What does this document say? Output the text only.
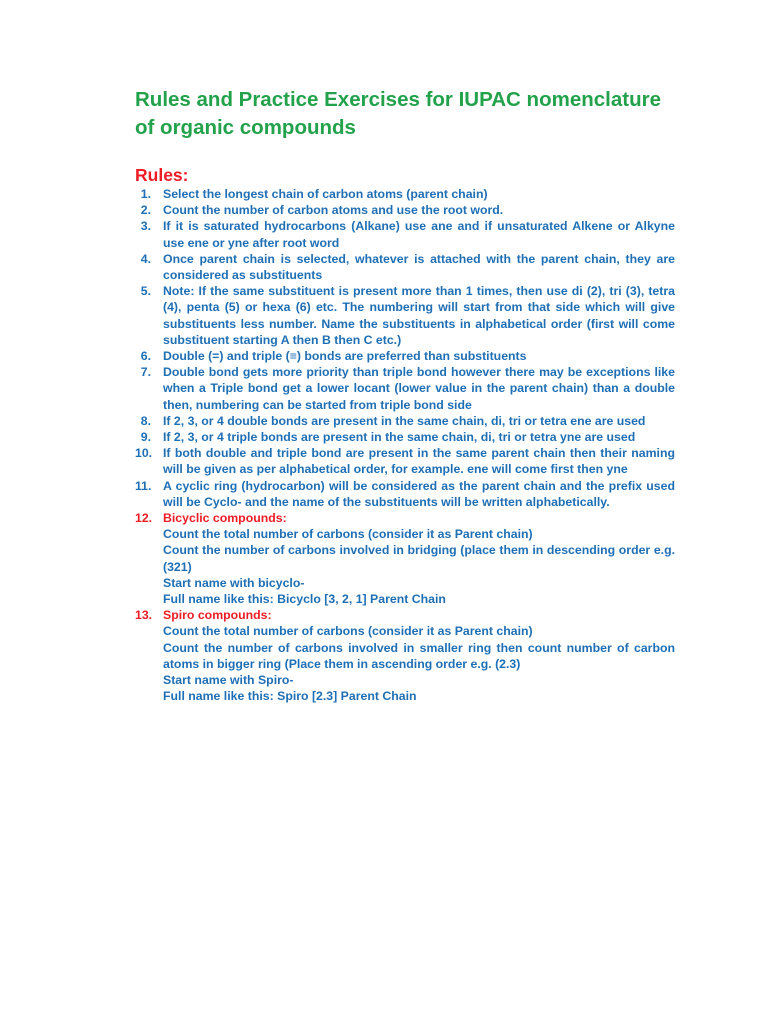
Rules and Practice Exercises for IUPAC nomenclature of organic compounds
Rules:
1. Select the longest chain of carbon atoms (parent chain)
2. Count the number of carbon atoms and use the root word.
3. If it is saturated hydrocarbons (Alkane) use ane and if unsaturated Alkene or Alkyne use ene or yne after root word
4. Once parent chain is selected, whatever is attached with the parent chain, they are considered as substituents
5. Note: If the same substituent is present more than 1 times, then use di (2), tri (3), tetra (4), penta (5) or hexa (6) etc. The numbering will start from that side which will give substituents less number. Name the substituents in alphabetical order (first will come substituent starting A then B then C etc.)
6. Double (=) and triple (≡) bonds are preferred than substituents
7. Double bond gets more priority than triple bond however there may be exceptions like when a Triple bond get a lower locant (lower value in the parent chain) than a double then, numbering can be started from triple bond side
8. If 2, 3, or 4 double bonds are present in the same chain, di, tri or tetra ene are used
9. If 2, 3, or 4 triple bonds are present in the same chain, di, tri or tetra yne are used
10. If both double and triple bond are present in the same parent chain then their naming will be given as per alphabetical order, for example. ene will come first then yne
11. A cyclic ring (hydrocarbon) will be considered as the parent chain and the prefix used will be Cyclo- and the name of the substituents will be written alphabetically.
12. Bicyclic compounds:
Count the total number of carbons (consider it as Parent chain)
Count the number of carbons involved in bridging (place them in descending order e.g. (321)
Start name with bicyclo-
Full name like this: Bicyclo [3, 2, 1] Parent Chain
13. Spiro compounds:
Count the total number of carbons (consider it as Parent chain)
Count the number of carbons involved in smaller ring then count number of carbon atoms in bigger ring (Place them in ascending order e.g. (2.3)
Start name with Spiro-
Full name like this: Spiro [2.3] Parent Chain
